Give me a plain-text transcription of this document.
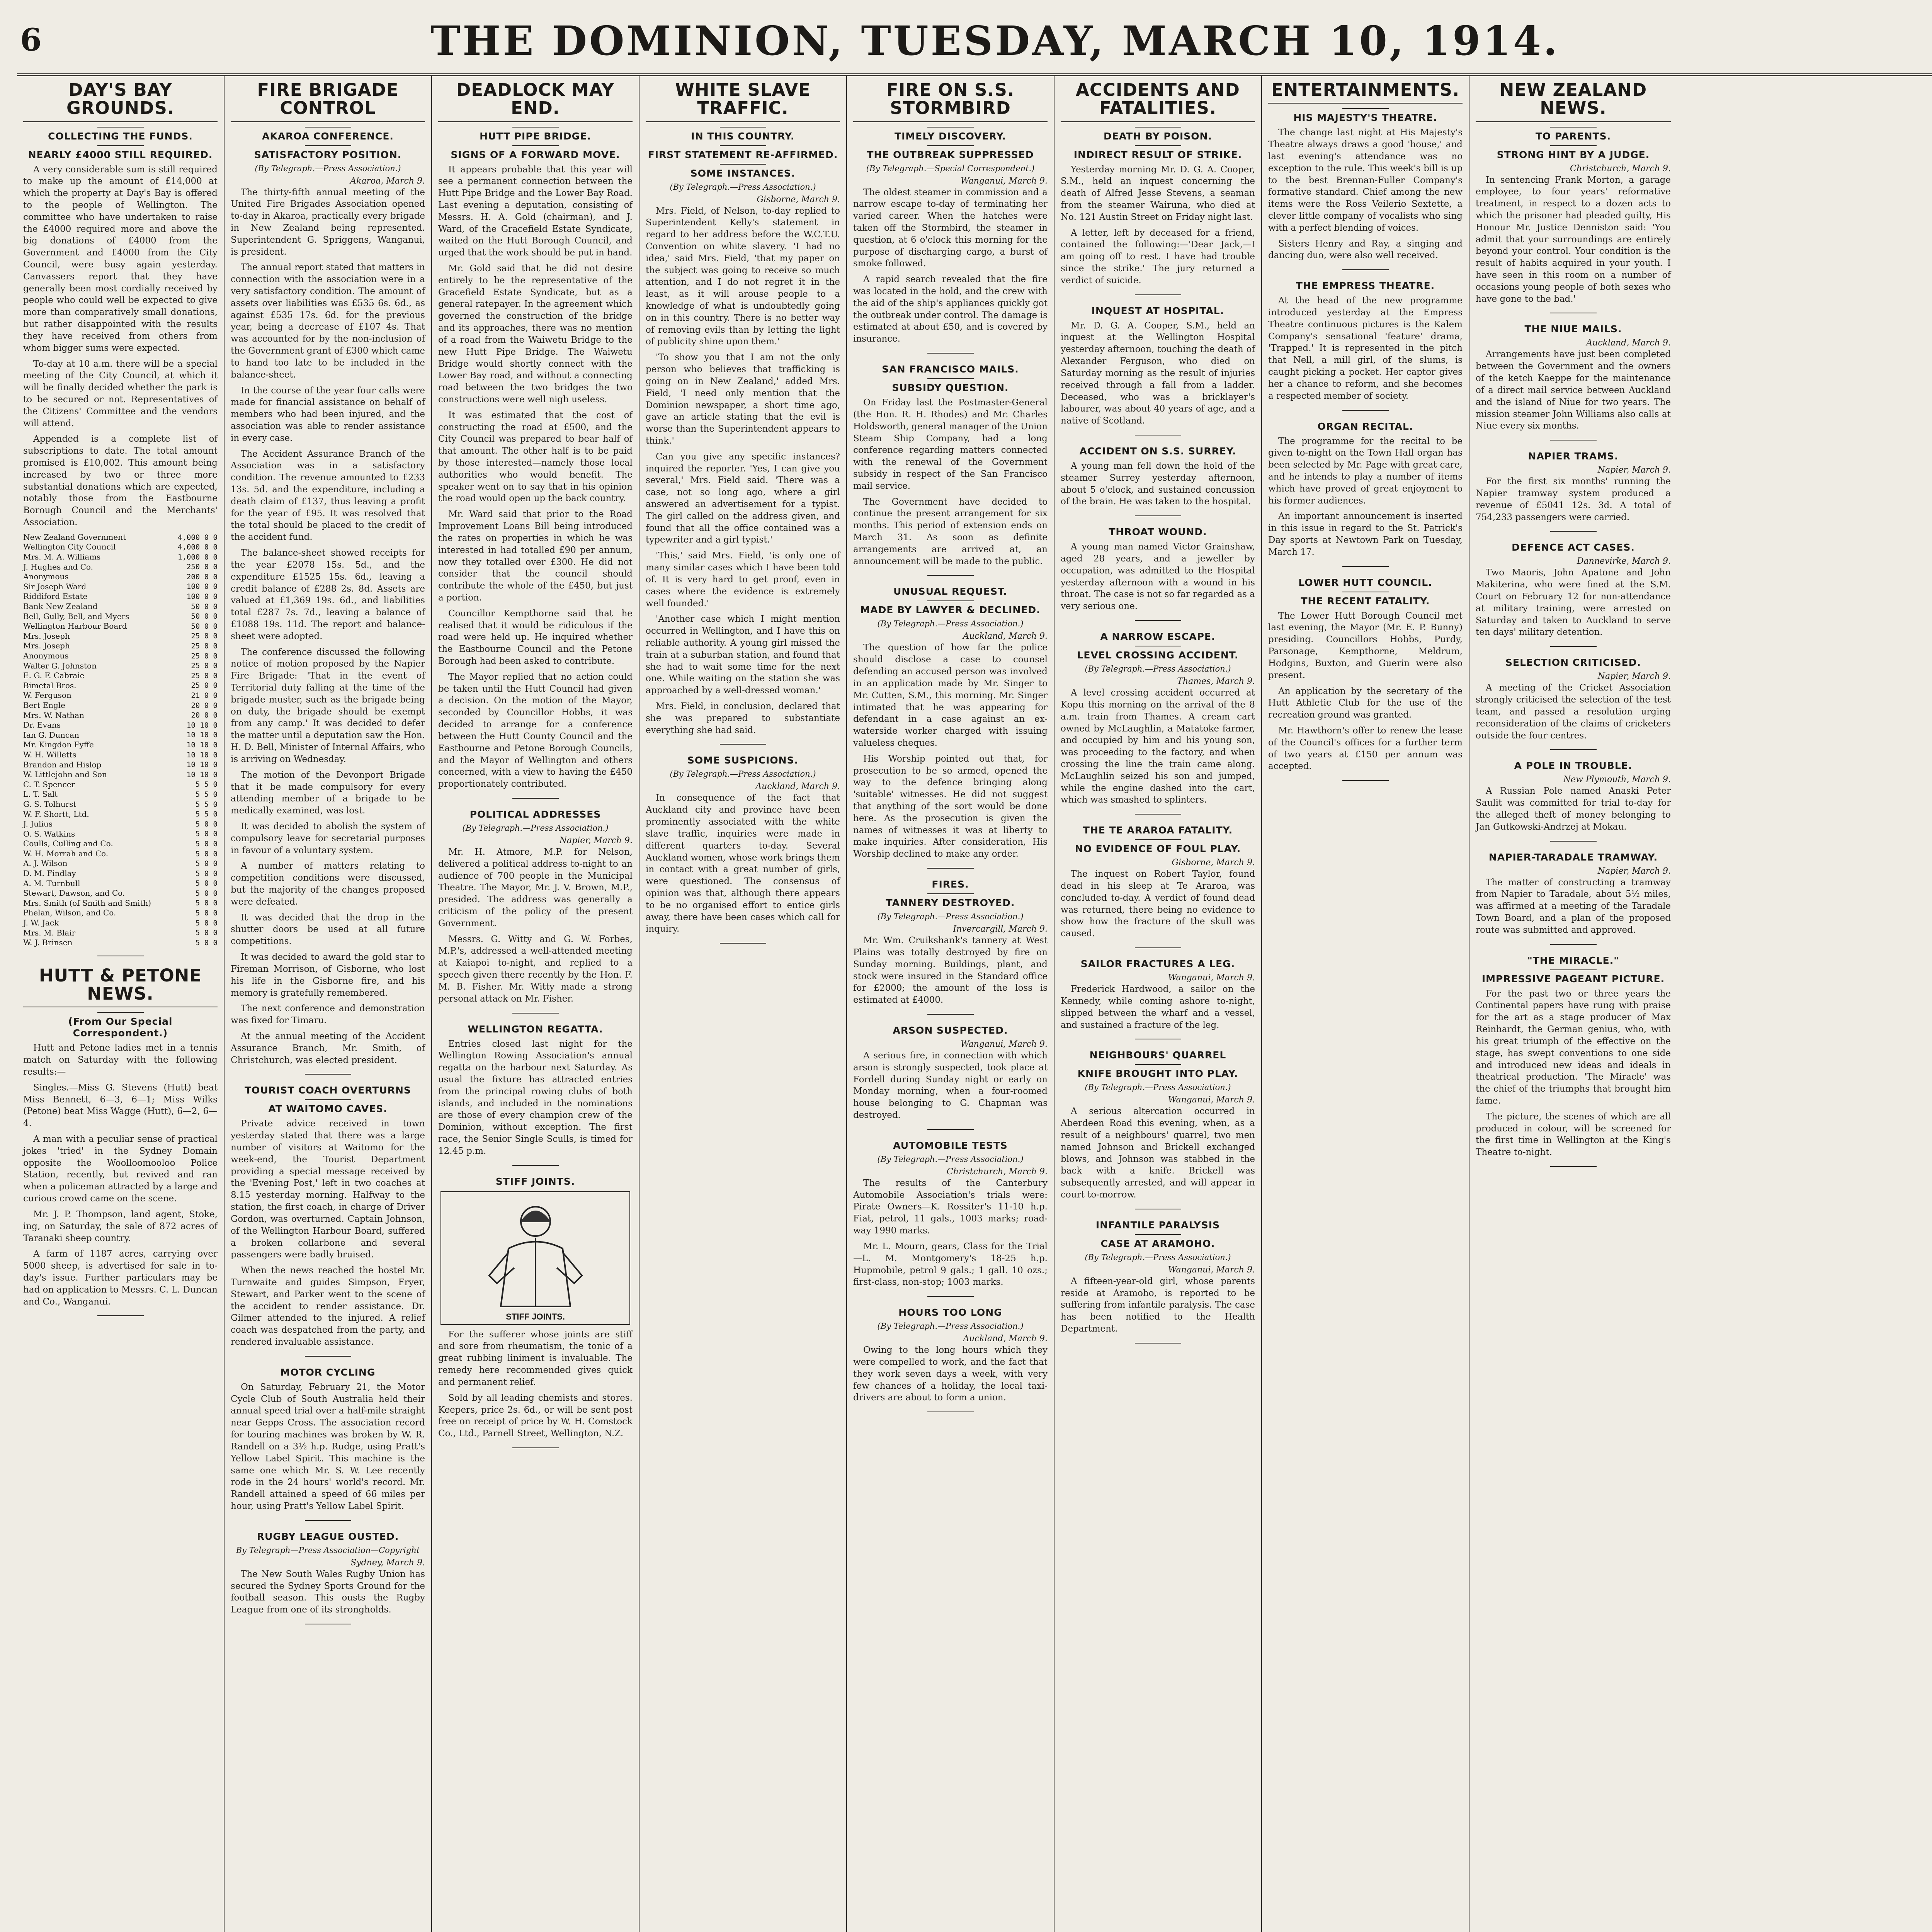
6	THE DOMINION, TUESDAY, MARCH 10, 1914.
DAY'S BAY GROUNDS.
COLLECTING THE FUNDS.
NEARLY £4000 STILL REQUIRED.

A very considerable sum is still required to make up the amount of £14,000 at which the property at Day's Bay is offered to the people of Wellington. The committee who have undertaken to raise the £4000 required more and above the big donations of £4000 from the Government and £4000 from the City Council, were busy again yesterday. Canvassers report that they have generally been most cordially received by people who could well be expected to give more than comparatively small donations, but rather disappointed with the results they have received from others from whom bigger sums were expected.

To-day at 10 a.m. there will be a special meeting of the City Council, at which it will be finally decided whether the park is to be secured or not. Representatives of the Citizens' Committee and the vendors will attend.

Appended is a complete list of subscriptions to date. The total amount promised is £10,002. This amount being increased by two or three more substantial donations which are expected, notably those from the Eastbourne Borough Council and the Merchants' Association.

New Zealand Government	4,000 0 0
Wellington City Council	4,000 0 0
Mrs. M. A. Williams	1,000 0 0
J. Hughes and Co.	250 0 0
Anonymous	200 0 0
Sir Joseph Ward	100 0 0
Riddiford Estate	100 0 0
Bank New Zealand	50 0 0
Bell, Gully, Bell, and Myers	50 0 0
Wellington Harbour Board	50 0 0
Mrs. Joseph	25 0 0
Mrs. Joseph	25 0 0
Anonymous	25 0 0
Walter G. Johnston	25 0 0
E. G. F. Cabraie	25 0 0
Bimetal Bros.	25 0 0
W. Ferguson	21 0 0
Bert Engle	20 0 0
Mrs. W. Nathan	20 0 0
Dr. Evans	10 10 0
Ian G. Duncan	10 10 0
Mr. Kingdon Fyffe	10 10 0
W. H. Willetts	10 10 0
Brandon and Hislop	10 10 0
W. Littlejohn and Son	10 10 0
C. T. Spencer	5 5 0
L. T. Salt	5 5 0
G. S. Tolhurst	5 5 0
W. F. Shortt, Ltd.	5 5 0
J. Julius	5 0 0
O. S. Watkins	5 0 0
Coulls, Culling and Co.	5 0 0
W. H. Morrah and Co.	5 0 0
A. J. Wilson	5 0 0
D. M. Findlay	5 0 0
A. M. Turnbull	5 0 0
Stewart, Dawson, and Co.	5 0 0
Mrs. Smith (of Smith and Smith)	5 0 0
Phelan, Wilson, and Co.	5 0 0
J. W. Jack	5 0 0
Mrs. M. Blair	5 0 0
W. J. Brinsen	5 0 0
HUTT & PETONE NEWS.
(From Our Special Correspondent.)

Hutt and Petone ladies met in a tennis match on Saturday with the following results:—

Singles.—Miss G. Stevens (Hutt) beat Miss Bennett, 6—3, 6—1; Miss Wilks (Petone) beat Miss Wagge (Hutt), 6—2, 6—4.

A man with a peculiar sense of practical jokes 'tried' in the Sydney Domain opposite the Woolloomooloo Police Station, recently, but revived and ran when a policeman attracted by a large and curious crowd came on the scene.

Mr. J. P. Thompson, land agent, Stoke, ing, on Saturday, the sale of 872 acres of Taranaki sheep country.

A farm of 1187 acres, carrying over 5000 sheep, is advertised for sale in to-day's issue. Further particulars may be had on application to Messrs. C. L. Duncan and Co., Wanganui.

FIRE BRIGADE CONTROL
AKAROA CONFERENCE.
SATISFACTORY POSITION.
(By Telegraph.—Press Association.)
Akaroa, March 9.

The thirty-fifth annual meeting of the United Fire Brigades Association opened to-day in Akaroa, practically every brigade in New Zealand being represented. Superintendent G. Spriggens, Wanganui, is president.

The annual report stated that matters in connection with the association were in a very satisfactory condition. The amount of assets over liabilities was £535 6s. 6d., as against £535 17s. 6d. for the previous year, being a decrease of £107 4s. That was accounted for by the non-inclusion of the Government grant of £300 which came to hand too late to be included in the balance-sheet.

In the course of the year four calls were made for financial assistance on behalf of members who had been injured, and the association was able to render assistance in every case.

The Accident Assurance Branch of the Association was in a satisfactory condition. The revenue amounted to £233 13s. 5d. and the expenditure, including a death claim of £137, thus leaving a profit for the year of £95. It was resolved that the total should be placed to the credit of the accident fund.

The balance-sheet showed receipts for the year £2078 15s. 5d., and the expenditure £1525 15s. 6d., leaving a credit balance of £288 2s. 8d. Assets are valued at £1,369 19s. 6d., and liabilities total £287 7s. 7d., leaving a balance of £1088 19s. 11d. The report and balance-sheet were adopted.

The conference discussed the following notice of motion proposed by the Napier Fire Brigade: 'That in the event of Territorial duty falling at the time of the brigade muster, such as the brigade being on duty, the brigade should be exempt from any camp.' It was decided to defer the matter until a deputation saw the Hon. H. D. Bell, Minister of Internal Affairs, who is arriving on Wednesday.

The motion of the Devonport Brigade that it be made compulsory for every attending member of a brigade to be medically examined, was lost.

It was decided to abolish the system of compulsory leave for secretarial purposes in favour of a voluntary system.

A number of matters relating to competition conditions were discussed, but the majority of the changes proposed were defeated.

It was decided that the drop in the shutter doors be used at all future competitions.

It was decided to award the gold star to Fireman Morrison, of Gisborne, who lost his life in the Gisborne fire, and his memory is gratefully remembered.

The next conference and demonstration was fixed for Timaru.

At the annual meeting of the Accident Assurance Branch, Mr. Smith, of Christchurch, was elected president.

TOURIST COACH OVERTURNS
AT WAITOMO CAVES.

Private advice received in town yesterday stated that there was a large number of visitors at Waitomo for the week-end, the Tourist Department providing a special message received by the 'Evening Post,' left in two coaches at 8.15 yesterday morning. Halfway to the station, the first coach, in charge of Driver Gordon, was overturned. Captain Johnson, of the Wellington Harbour Board, suffered a broken collarbone and several passengers were badly bruised.

When the news reached the hostel Mr. Turnwaite and guides Simpson, Fryer, Stewart, and Parker went to the scene of the accident to render assistance. Dr. Gilmer attended to the injured. A relief coach was despatched from the party, and rendered invaluable assistance.

MOTOR CYCLING

On Saturday, February 21, the Motor Cycle Club of South Australia held their annual speed trial over a half-mile straight near Gepps Cross. The association record for touring machines was broken by W. R. Randell on a 3½ h.p. Rudge, using Pratt's Yellow Label Spirit. This machine is the same one which Mr. S. W. Lee recently rode in the 24 hours' world's record. Mr. Randell attained a speed of 66 miles per hour, using Pratt's Yellow Label Spirit.

RUGBY LEAGUE OUSTED.
By Telegraph—Press Association—Copyright
Sydney, March 9.

The New South Wales Rugby Union has secured the Sydney Sports Ground for the football season. This ousts the Rugby League from one of its strongholds.

DEADLOCK MAY END.
HUTT PIPE BRIDGE.
SIGNS OF A FORWARD MOVE.

It appears probable that this year will see a permanent connection between the Hutt Pipe Bridge and the Lower Bay Road. Last evening a deputation, consisting of Messrs. H. A. Gold (chairman), and J. Ward, of the Gracefield Estate Syndicate, waited on the Hutt Borough Council, and urged that the work should be put in hand.

Mr. Gold said that he did not desire entirely to be the representative of the Gracefield Estate Syndicate, but as a general ratepayer. In the agreement which governed the construction of the bridge and its approaches, there was no mention of a road from the Waiwetu Bridge to the new Hutt Pipe Bridge. The Waiwetu Bridge would shortly connect with the Lower Bay road, and without a connecting road between the two bridges the two constructions were well nigh useless.

It was estimated that the cost of constructing the road at £500, and the City Council was prepared to bear half of that amount. The other half is to be paid by those interested—namely those local authorities who would benefit. The speaker went on to say that in his opinion the road would open up the back country.

Mr. Ward said that prior to the Road Improvement Loans Bill being introduced the rates on properties in which he was interested in had totalled £90 per annum, now they totalled over £300. He did not consider that the council should contribute the whole of the £450, but just a portion.

Councillor Kempthorne said that he realised that it would be ridiculous if the road were held up. He inquired whether the Eastbourne Council and the Petone Borough had been asked to contribute.

The Mayor replied that no action could be taken until the Hutt Council had given a decision. On the motion of the Mayor, seconded by Councillor Hobbs, it was decided to arrange for a conference between the Hutt County Council and the Eastbourne and Petone Borough Councils, and the Mayor of Wellington and others concerned, with a view to having the £450 proportionately contributed.

POLITICAL ADDRESSES
(By Telegraph.—Press Association.)
Napier, March 9.

Mr. H. Atmore, M.P. for Nelson, delivered a political address to-night to an audience of 700 people in the Municipal Theatre. The Mayor, Mr. J. V. Brown, M.P., presided. The address was generally a criticism of the policy of the present Government.

Messrs. G. Witty and G. W. Forbes, M.P.'s, addressed a well-attended meeting at Kaiapoi to-night, and replied to a speech given there recently by the Hon. F. M. B. Fisher. Mr. Witty made a strong personal attack on Mr. Fisher.

WELLINGTON REGATTA.

Entries closed last night for the Wellington Rowing Association's annual regatta on the harbour next Saturday. As usual the fixture has attracted entries from the principal rowing clubs of both islands, and included in the nominations are those of every champion crew of the Dominion, without exception. The first race, the Senior Single Sculls, is timed for 12.45 p.m.

STIFF JOINTS.
STIFF JOINTS.

For the sufferer whose joints are stiff and sore from rheumatism, the tonic of a great rubbing liniment is invaluable. The remedy here recommended gives quick and permanent relief.

Sold by all leading chemists and stores. Keepers, price 2s. 6d., or will be sent post free on receipt of price by W. H. Comstock Co., Ltd., Parnell Street, Wellington, N.Z.

WHITE SLAVE TRAFFIC.
IN THIS COUNTRY.
FIRST STATEMENT RE-AFFIRMED.
SOME INSTANCES.
(By Telegraph.—Press Association.)
Gisborne, March 9.

Mrs. Field, of Nelson, to-day replied to Superintendent Kelly's statement in regard to her address before the W.C.T.U. Convention on white slavery. 'I had no idea,' said Mrs. Field, 'that my paper on the subject was going to receive so much attention, and I do not regret it in the least, as it will arouse people to a knowledge of what is undoubtedly going on in this country. There is no better way of removing evils than by letting the light of publicity shine upon them.'

'To show you that I am not the only person who believes that trafficking is going on in New Zealand,' added Mrs. Field, 'I need only mention that the Dominion newspaper, a short time ago, gave an article stating that the evil is worse than the Superintendent appears to think.'

Can you give any specific instances? inquired the reporter. 'Yes, I can give you several,' Mrs. Field said. 'There was a case, not so long ago, where a girl answered an advertisement for a typist. The girl called on the address given, and found that all the office contained was a typewriter and a girl typist.'

'This,' said Mrs. Field, 'is only one of many similar cases which I have been told of. It is very hard to get proof, even in cases where the evidence is extremely well founded.'

'Another case which I might mention occurred in Wellington, and I have this on reliable authority. A young girl missed the train at a suburban station, and found that she had to wait some time for the next one. While waiting on the station she was approached by a well-dressed woman.'

Mrs. Field, in conclusion, declared that she was prepared to substantiate everything she had said.

SOME SUSPICIONS.
(By Telegraph.—Press Association.)
Auckland, March 9.

In consequence of the fact that Auckland city and province have been prominently associated with the white slave traffic, inquiries were made in different quarters to-day. Several Auckland women, whose work brings them in contact with a great number of girls, were questioned. The consensus of opinion was that, although there appears to be no organised effort to entice girls away, there have been cases which call for inquiry.

FIRE ON S.S. STORMBIRD
TIMELY DISCOVERY.
THE OUTBREAK SUPPRESSED
(By Telegraph.—Special Correspondent.)
Wanganui, March 9.

The oldest steamer in commission and a narrow escape to-day of terminating her varied career. When the hatches were taken off the Stormbird, the steamer in question, at 6 o'clock this morning for the purpose of discharging cargo, a burst of smoke followed.

A rapid search revealed that the fire was located in the hold, and the crew with the aid of the ship's appliances quickly got the outbreak under control. The damage is estimated at about £50, and is covered by insurance.

SAN FRANCISCO MAILS.
SUBSIDY QUESTION.

On Friday last the Postmaster-General (the Hon. R. H. Rhodes) and Mr. Charles Holdsworth, general manager of the Union Steam Ship Company, had a long conference regarding matters connected with the renewal of the Government subsidy in respect of the San Francisco mail service.

The Government have decided to continue the present arrangement for six months. This period of extension ends on March 31. As soon as definite arrangements are arrived at, an announcement will be made to the public.

UNUSUAL REQUEST.
MADE BY LAWYER & DECLINED.
(By Telegraph.—Press Association.)
Auckland, March 9.

The question of how far the police should disclose a case to counsel defending an accused person was involved in an application made by Mr. Singer to Mr. Cutten, S.M., this morning. Mr. Singer intimated that he was appearing for defendant in a case against an ex-waterside worker charged with issuing valueless cheques.

His Worship pointed out that, for prosecution to be so armed, opened the way to the defence bringing along 'suitable' witnesses. He did not suggest that anything of the sort would be done here. As the prosecution is given the names of witnesses it was at liberty to make inquiries. After consideration, His Worship declined to make any order.

FIRES.
TANNERY DESTROYED.
(By Telegraph.—Press Association.)
Invercargill, March 9.

Mr. Wm. Cruikshank's tannery at West Plains was totally destroyed by fire on Sunday morning. Buildings, plant, and stock were insured in the Standard office for £2000; the amount of the loss is estimated at £4000.

ARSON SUSPECTED.
Wanganui, March 9.

A serious fire, in connection with which arson is strongly suspected, took place at Fordell during Sunday night or early on Monday morning, when a four-roomed house belonging to G. Chapman was destroyed.

AUTOMOBILE TESTS
(By Telegraph.—Press Association.)
Christchurch, March 9.

The results of the Canterbury Automobile Association's trials were: Pirate Owners—K. Rossiter's 11-10 h.p. Fiat, petrol, 11 gals., 1003 marks; road-way 1990 marks.

Mr. L. Mourn, gears, Class for the Trial—L. M. Montgomery's 18-25 h.p. Hupmobile, petrol 9 gals.; 1 gall. 10 ozs.; first-class, non-stop; 1003 marks.

HOURS TOO LONG
(By Telegraph.—Press Association.)
Auckland, March 9.

Owing to the long hours which they were compelled to work, and the fact that they work seven days a week, with very few chances of a holiday, the local taxi-drivers are about to form a union.

ACCIDENTS AND FATALITIES.
DEATH BY POISON.
INDIRECT RESULT OF STRIKE.

Yesterday morning Mr. D. G. A. Cooper, S.M., held an inquest concerning the death of Alfred Jesse Stevens, a seaman from the steamer Wairuna, who died at No. 121 Austin Street on Friday night last.

A letter, left by deceased for a friend, contained the following:—'Dear Jack,—I am going off to rest. I have had trouble since the strike.' The jury returned a verdict of suicide.

INQUEST AT HOSPITAL.

Mr. D. G. A. Cooper, S.M., held an inquest at the Wellington Hospital yesterday afternoon, touching the death of Alexander Ferguson, who died on Saturday morning as the result of injuries received through a fall from a ladder. Deceased, who was a bricklayer's labourer, was about 40 years of age, and a native of Scotland.

ACCIDENT ON S.S. SURREY.

A young man fell down the hold of the steamer Surrey yesterday afternoon, about 5 o'clock, and sustained concussion of the brain. He was taken to the hospital.

THROAT WOUND.

A young man named Victor Grainshaw, aged 28 years, and a jeweller by occupation, was admitted to the Hospital yesterday afternoon with a wound in his throat. The case is not so far regarded as a very serious one.

A NARROW ESCAPE.
LEVEL CROSSING ACCIDENT.
(By Telegraph.—Press Association.)
Thames, March 9.

A level crossing accident occurred at Kopu this morning on the arrival of the 8 a.m. train from Thames. A cream cart owned by McLaughlin, a Matatoke farmer, and occupied by him and his young son, was proceeding to the factory, and when crossing the line the train came along. McLaughlin seized his son and jumped, while the engine dashed into the cart, which was smashed to splinters.

THE TE ARAROA FATALITY.
NO EVIDENCE OF FOUL PLAY.
Gisborne, March 9.

The inquest on Robert Taylor, found dead in his sleep at Te Araroa, was concluded to-day. A verdict of found dead was returned, there being no evidence to show how the fracture of the skull was caused.

SAILOR FRACTURES A LEG.
Wanganui, March 9.

Frederick Hardwood, a sailor on the Kennedy, while coming ashore to-night, slipped between the wharf and a vessel, and sustained a fracture of the leg.

NEIGHBOURS' QUARREL
KNIFE BROUGHT INTO PLAY.
(By Telegraph.—Press Association.)
Wanganui, March 9.

A serious altercation occurred in Aberdeen Road this evening, when, as a result of a neighbours' quarrel, two men named Johnson and Brickell exchanged blows, and Johnson was stabbed in the back with a knife. Brickell was subsequently arrested, and will appear in court to-morrow.

INFANTILE PARALYSIS
CASE AT ARAMOHO.
(By Telegraph.—Press Association.)
Wanganui, March 9.

A fifteen-year-old girl, whose parents reside at Aramoho, is reported to be suffering from infantile paralysis. The case has been notified to the Health Department.

ENTERTAINMENTS.
HIS MAJESTY'S THEATRE.

The change last night at His Majesty's Theatre always draws a good 'house,' and last evening's attendance was no exception to the rule. This week's bill is up to the best Brennan-Fuller Company's formative standard. Chief among the new items were the Ross Veilerio Sextette, a clever little company of vocalists who sing with a perfect blending of voices.

Sisters Henry and Ray, a singing and dancing duo, were also well received.

THE EMPRESS THEATRE.

At the head of the new programme introduced yesterday at the Empress Theatre continuous pictures is the Kalem Company's sensational 'feature' drama, 'Trapped.' It is represented in the pitch that Nell, a mill girl, of the slums, is caught picking a pocket. Her captor gives her a chance to reform, and she becomes a respected member of society.

ORGAN RECITAL.

The programme for the recital to be given to-night on the Town Hall organ has been selected by Mr. Page with great care, and he intends to play a number of items which have proved of great enjoyment to his former audiences.

An important announcement is inserted in this issue in regard to the St. Patrick's Day sports at Newtown Park on Tuesday, March 17.

LOWER HUTT COUNCIL.
THE RECENT FATALITY.

The Lower Hutt Borough Council met last evening, the Mayor (Mr. E. P. Bunny) presiding. Councillors Hobbs, Purdy, Parsonage, Kempthorne, Meldrum, Hodgins, Buxton, and Guerin were also present.

An application by the secretary of the Hutt Athletic Club for the use of the recreation ground was granted.

Mr. Hawthorn's offer to renew the lease of the Council's offices for a further term of two years at £150 per annum was accepted.

NEW ZEALAND NEWS.
TO PARENTS.
STRONG HINT BY A JUDGE.
Christchurch, March 9.

In sentencing Frank Morton, a garage employee, to four years' reformative treatment, in respect to a dozen acts to which the prisoner had pleaded guilty, His Honour Mr. Justice Denniston said: 'You admit that your surroundings are entirely beyond your control. Your condition is the result of habits acquired in your youth. I have seen in this room on a number of occasions young people of both sexes who have gone to the bad.'

THE NIUE MAILS.
Auckland, March 9.

Arrangements have just been completed between the Government and the owners of the ketch Kaeppe for the maintenance of a direct mail service between Auckland and the island of Niue for two years. The mission steamer John Williams also calls at Niue every six months.

NAPIER TRAMS.
Napier, March 9.

For the first six months' running the Napier tramway system produced a revenue of £5041 12s. 3d. A total of 754,233 passengers were carried.

DEFENCE ACT CASES.
Dannevirke, March 9.

Two Maoris, John Apatone and John Makiterina, who were fined at the S.M. Court on February 12 for non-attendance at military training, were arrested on Saturday and taken to Auckland to serve ten days' military detention.

SELECTION CRITICISED.
Napier, March 9.

A meeting of the Cricket Association strongly criticised the selection of the test team, and passed a resolution urging reconsideration of the claims of cricketers outside the four centres.

A POLE IN TROUBLE.
New Plymouth, March 9.

A Russian Pole named Anaski Peter Saulit was committed for trial to-day for the alleged theft of money belonging to Jan Gutkowski-Andrzej at Mokau.

NAPIER-TARADALE TRAMWAY.
Napier, March 9.

The matter of constructing a tramway from Napier to Taradale, about 5½ miles, was affirmed at a meeting of the Taradale Town Board, and a plan of the proposed route was submitted and approved.

"THE MIRACLE."
IMPRESSIVE PAGEANT PICTURE.

For the past two or three years the Continental papers have rung with praise for the art as a stage producer of Max Reinhardt, the German genius, who, with his great triumph of the effective on the stage, has swept conventions to one side and introduced new ideas and ideals in theatrical production. 'The Miracle' was the chief of the triumphs that brought him fame.

The picture, the scenes of which are all produced in colour, will be screened for the first time in Wellington at the King's Theatre to-night.
